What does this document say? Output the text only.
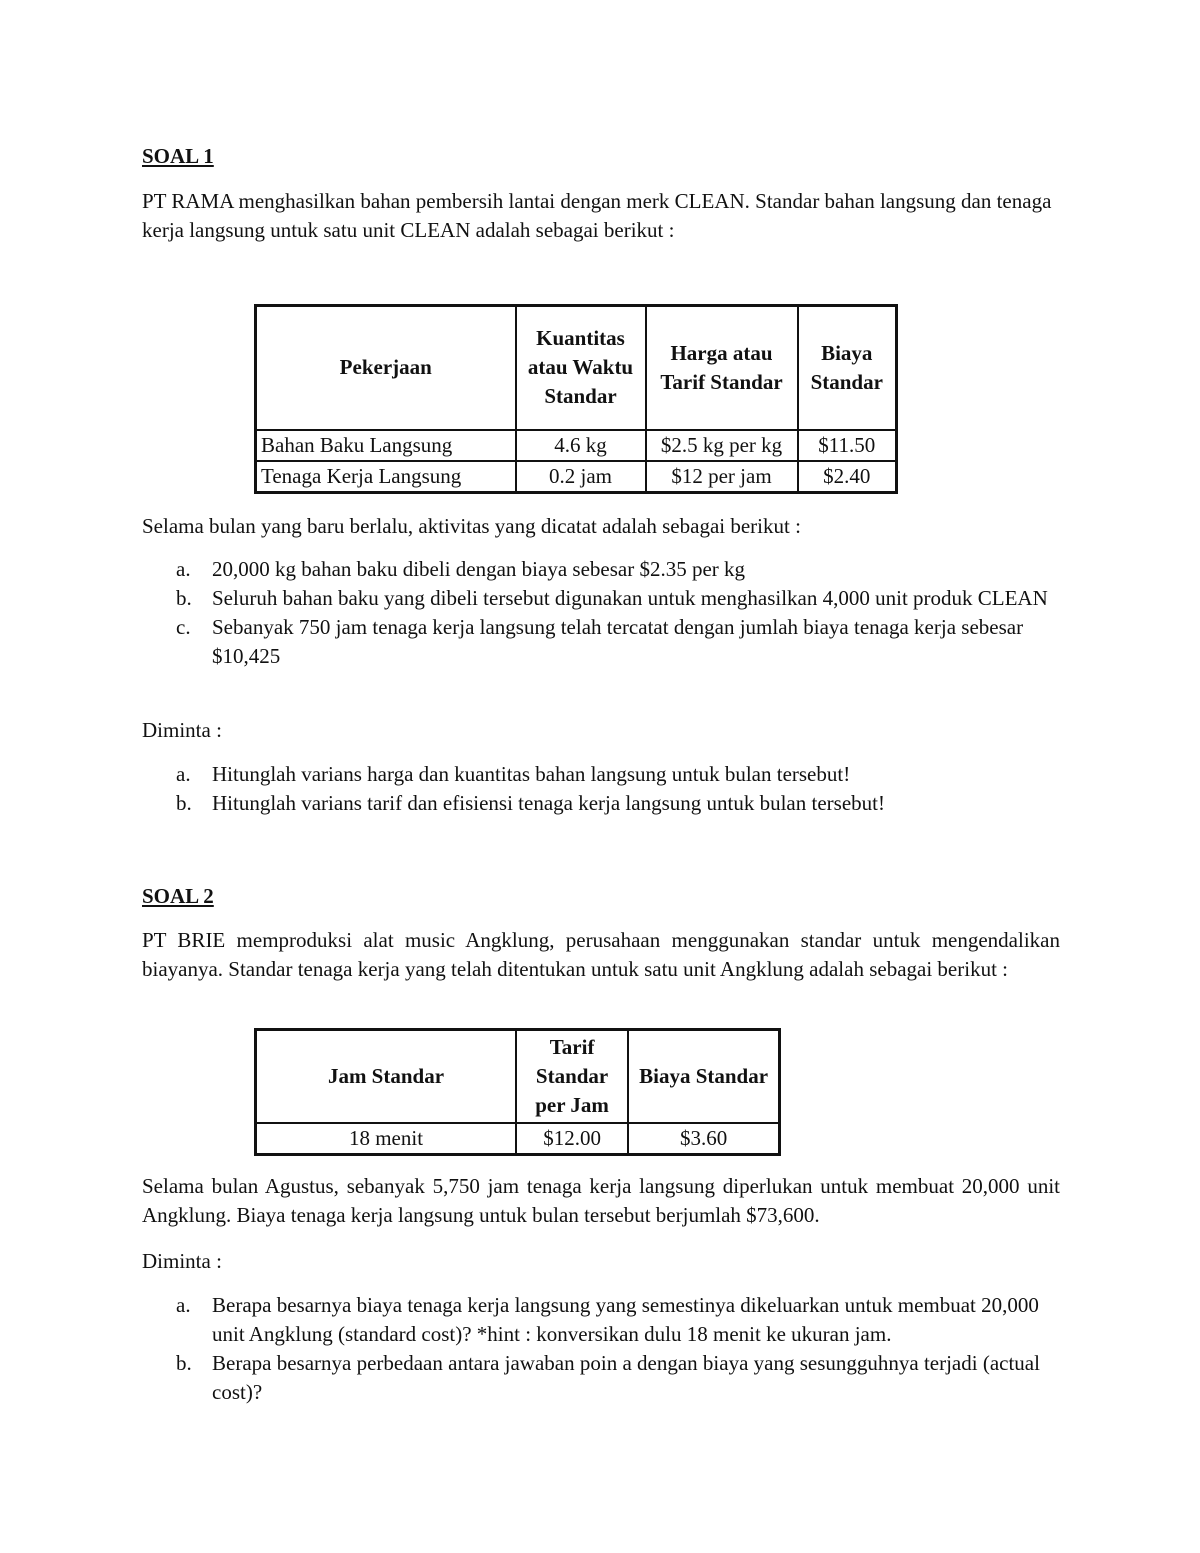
SOAL 1
PT RAMA menghasilkan bahan pembersih lantai dengan merk CLEAN. Standar bahan langsung dan tenaga kerja langsung untuk satu unit CLEAN adalah sebagai berikut :
Pekerjaan	Kuantitas atau Waktu Standar	Harga atau Tarif Standar	Biaya Standar
Bahan Baku Langsung	4.6 kg	$2.5 kg per kg	$11.50
Tenaga Kerja Langsung	0.2 jam	$12 per jam	$2.40
Selama bulan yang baru berlalu, aktivitas yang dicatat adalah sebagai berikut :
a. 20,000 kg bahan baku dibeli dengan biaya sebesar $2.35 per kg
b. Seluruh bahan baku yang dibeli tersebut digunakan untuk menghasilkan 4,000 unit produk CLEAN
c. Sebanyak 750 jam tenaga kerja langsung telah tercatat dengan jumlah biaya tenaga kerja sebesar $10,425
Diminta :
a. Hitunglah varians harga dan kuantitas bahan langsung untuk bulan tersebut!
b. Hitunglah varians tarif dan efisiensi tenaga kerja langsung untuk bulan tersebut!
SOAL 2
PT BRIE memproduksi alat music Angklung, perusahaan menggunakan standar untuk mengendalikan biayanya. Standar tenaga kerja yang telah ditentukan untuk satu unit Angklung adalah sebagai berikut :
Jam Standar	Tarif Standar per Jam	Biaya Standar
18 menit	$12.00	$3.60
Selama bulan Agustus, sebanyak 5,750 jam tenaga kerja langsung diperlukan untuk membuat 20,000 unit Angklung. Biaya tenaga kerja langsung untuk bulan tersebut berjumlah $73,600.
Diminta :
a. Berapa besarnya biaya tenaga kerja langsung yang semestinya dikeluarkan untuk membuat 20,000 unit Angklung (standard cost)? *hint : konversikan dulu 18 menit ke ukuran jam.
b. Berapa besarnya perbedaan antara jawaban poin a dengan biaya yang sesungguhnya terjadi (actual cost)?
